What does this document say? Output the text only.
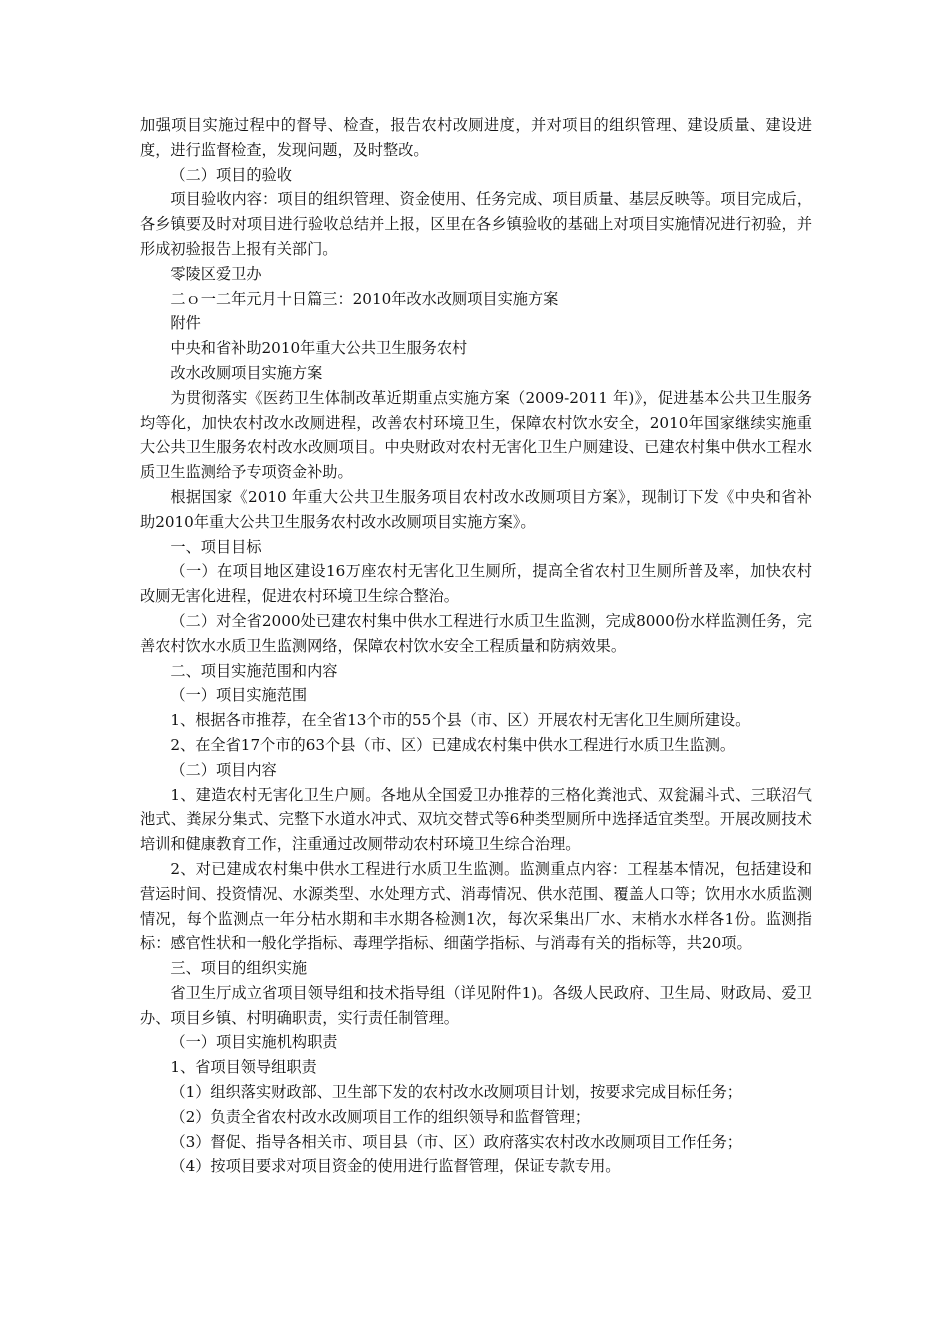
加强项目实施过程中的督导、检查，报告农村改厕进度，并对项目的组织管理、建设质量、建设进度，进行监督检查，发现问题，及时整改。

（二）项目的验收

项目验收内容：项目的组织管理、资金使用、任务完成、项目质量、基层反映等。项目完成后，各乡镇要及时对项目进行验收总结并上报，区里在各乡镇验收的基础上对项目实施情况进行初验，并形成初验报告上报有关部门。

零陵区爱卫办

二ｏ一二年元月十日篇三：2010年改水改厕项目实施方案

附件

中央和省补助2010年重大公共卫生服务农村

改水改厕项目实施方案

为贯彻落实《医药卫生体制改革近期重点实施方案（2009-2011 年)》，促进基本公共卫生服务均等化，加快农村改水改厕进程，改善农村环境卫生，保障农村饮水安全，2010年国家继续实施重大公共卫生服务农村改水改厕项目。中央财政对农村无害化卫生户厕建设、已建农村集中供水工程水质卫生监测给予专项资金补助。

根据国家《2010 年重大公共卫生服务项目农村改水改厕项目方案》，现制订下发《中央和省补助2010年重大公共卫生服务农村改水改厕项目实施方案》。

一、项目目标

（一）在项目地区建设16万座农村无害化卫生厕所，提高全省农村卫生厕所普及率，加快农村改厕无害化进程，促进农村环境卫生综合整治。

（二）对全省2000处已建农村集中供水工程进行水质卫生监测，完成8000份水样监测任务，完善农村饮水水质卫生监测网络，保障农村饮水安全工程质量和防病效果。

二、项目实施范围和内容

（一）项目实施范围

1、根据各市推荐，在全省13个市的55个县（市、区）开展农村无害化卫生厕所建设。

2、在全省17个市的63个县（市、区）已建成农村集中供水工程进行水质卫生监测。

（二）项目内容

1、建造农村无害化卫生户厕。各地从全国爱卫办推荐的三格化粪池式、双瓮漏斗式、三联沼气池式、粪尿分集式、完整下水道水冲式、双坑交替式等6种类型厕所中选择适宜类型。开展改厕技术培训和健康教育工作，注重通过改厕带动农村环境卫生综合治理。

2、对已建成农村集中供水工程进行水质卫生监测。监测重点内容：工程基本情况，包括建设和营运时间、投资情况、水源类型、水处理方式、消毒情况、供水范围、覆盖人口等；饮用水水质监测情况，每个监测点一年分枯水期和丰水期各检测1次，每次采集出厂水、末梢水水样各1份。监测指标：感官性状和一般化学指标、毒理学指标、细菌学指标、与消毒有关的指标等，共20项。

三、项目的组织实施

省卫生厅成立省项目领导组和技术指导组（详见附件1)。各级人民政府、卫生局、财政局、爱卫办、项目乡镇、村明确职责，实行责任制管理。

（一）项目实施机构职责

1、省项目领导组职责

（1）组织落实财政部、卫生部下发的农村改水改厕项目计划，按要求完成目标任务；

（2）负责全省农村改水改厕项目工作的组织领导和监督管理；

（3）督促、指导各相关市、项目县（市、区）政府落实农村改水改厕项目工作任务；

（4）按项目要求对项目资金的使用进行监督管理，保证专款专用。
